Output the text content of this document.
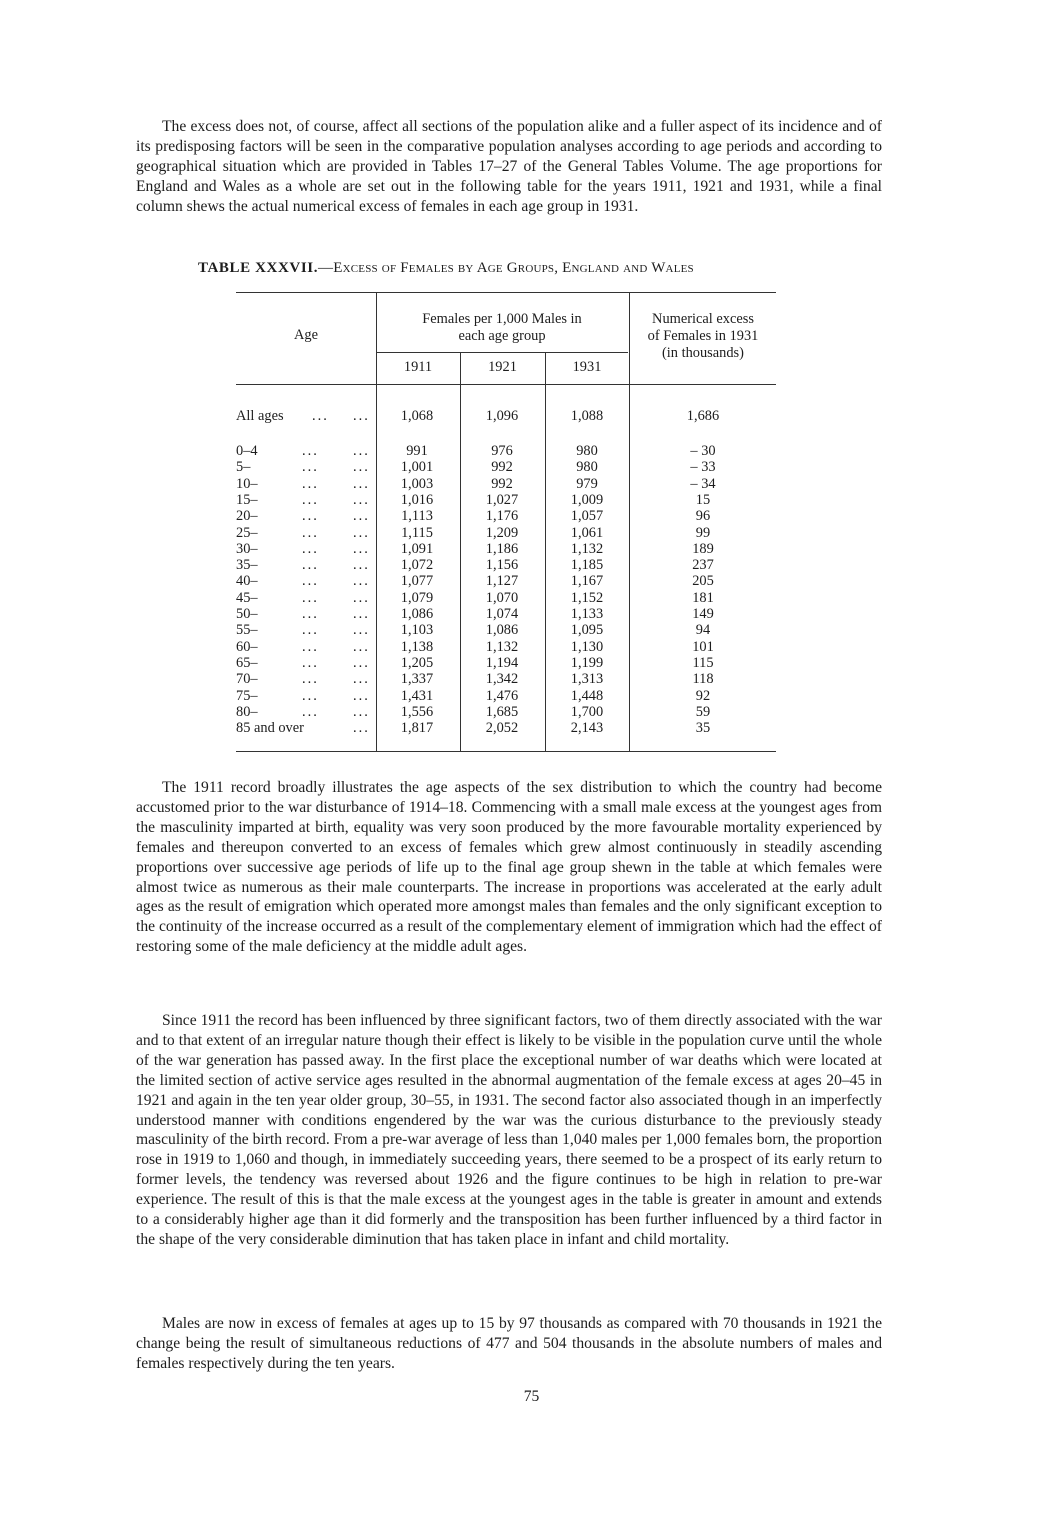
The excess does not, of course, affect all sections of the population alike and a fuller aspect of its incidence and of its predisposing factors will be seen in the comparative population analyses according to age periods and according to geographical situation which are provided in Tables 17–27 of the General Tables Volume. The age proportions for England and Wales as a whole are set out in the following table for the years 1911, 1921 and 1931, while a final column shews the actual numerical excess of females in each age group in 1931.

TABLE XXXVII.—Excess of Females by Age Groups, England and Wales
Age
Females per 1,000 Males in
each age group
Numerical excess
of Females in 1931
(in thousands)
1911	1921	1931
All ages ... ...	1,068	1,096	1,088	1,686
0–4	... ...	991	976	980	– 30
5–	... ...	1,001	992	980	– 33
10–	... ...	1,003	992	979	– 34
15–	... ...	1,016	1,027	1,009	15
20–	... ...	1,113	1,176	1,057	96
25–	... ...	1,115	1,209	1,061	99
30–	... ...	1,091	1,186	1,132	189
35–	... ...	1,072	1,156	1,185	237
40–	... ...	1,077	1,127	1,167	205
45–	... ...	1,079	1,070	1,152	181
50–	... ...	1,086	1,074	1,133	149
55–	... ...	1,103	1,086	1,095	94
60–	... ...	1,138	1,132	1,130	101
65–	... ...	1,205	1,194	1,199	115
70–	... ...	1,337	1,342	1,313	118
75–	... ...	1,431	1,476	1,448	92
80–	... ...	1,556	1,685	1,700	59
85 and over	...	1,817	2,052	2,143	35

The 1911 record broadly illustrates the age aspects of the sex distribution to which the country had become accustomed prior to the war disturbance of 1914–18. Commencing with a small male excess at the youngest ages from the masculinity imparted at birth, equality was very soon produced by the more favourable mortality experienced by females and thereupon converted to an excess of females which grew almost continuously in steadily ascending proportions over successive age periods of life up to the final age group shewn in the table at which females were almost twice as numerous as their male counterparts. The increase in proportions was accelerated at the early adult ages as the result of emigration which operated more amongst males than females and the only significant exception to the continuity of the increase occurred as a result of the complementary element of immigration which had the effect of restoring some of the male deficiency at the middle adult ages.

Since 1911 the record has been influenced by three significant factors, two of them directly associated with the war and to that extent of an irregular nature though their effect is likely to be visible in the population curve until the whole of the war generation has passed away. In the first place the exceptional number of war deaths which were located at the limited section of active service ages resulted in the abnormal augmentation of the female excess at ages 20–45 in 1921 and again in the ten year older group, 30–55, in 1931. The second factor also associated though in an imperfectly understood manner with conditions engendered by the war was the curious disturbance to the previously steady masculinity of the birth record. From a pre-war average of less than 1,040 males per 1,000 females born, the proportion rose in 1919 to 1,060 and though, in immediately succeeding years, there seemed to be a prospect of its early return to former levels, the tendency was reversed about 1926 and the figure continues to be high in relation to pre-war experience. The result of this is that the male excess at the youngest ages in the table is greater in amount and extends to a considerably higher age than it did formerly and the transposition has been further influenced by a third factor in the shape of the very considerable diminution that has taken place in infant and child mortality.

Males are now in excess of females at ages up to 15 by 97 thousands as compared with 70 thousands in 1921 the change being the result of simultaneous reductions of 477 and 504 thousands in the absolute numbers of males and females respectively during the ten years.

75
